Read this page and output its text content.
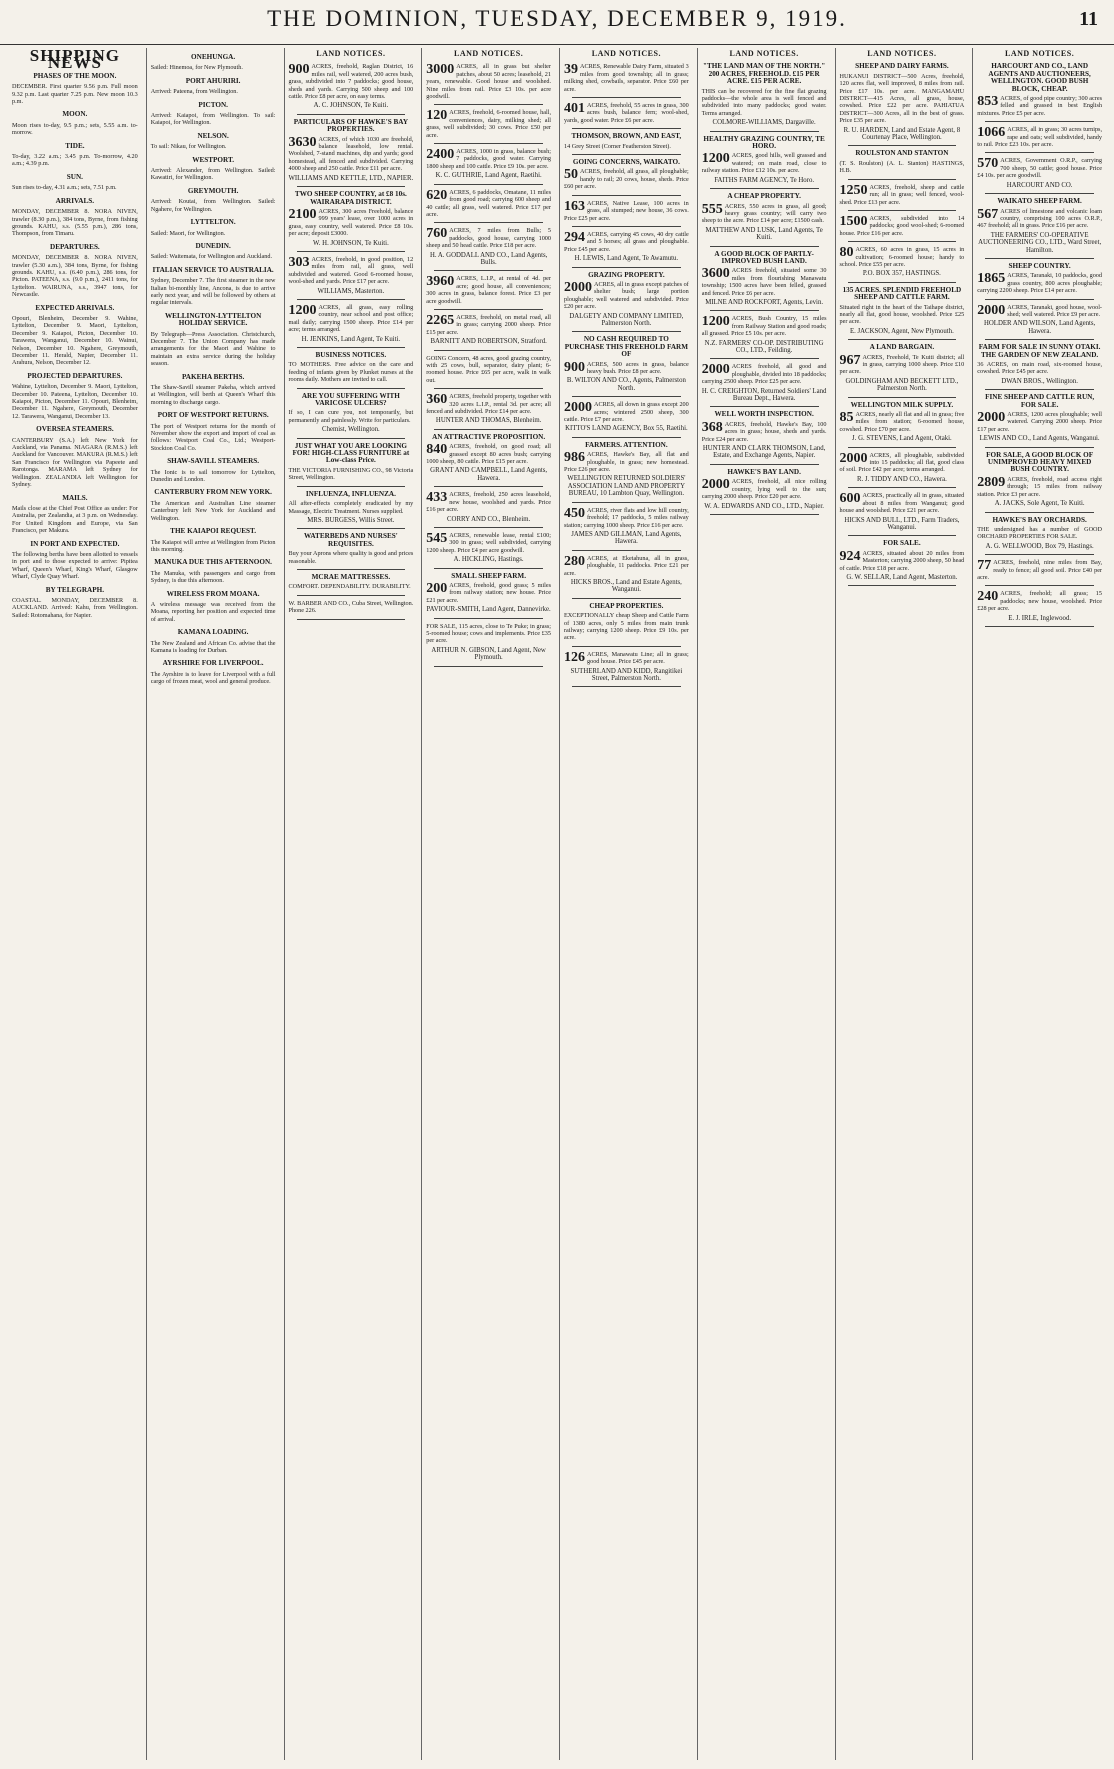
THE DOMINION, TUESDAY, DECEMBER 9, 1919.	11
SHIPPING NEWS
PHASES OF THE MOON.
DECEMBER. First quarter 9.56 p.m. Full moon 9.32 p.m. Last quarter 7.25 p.m. New moon 10.3 p.m.
MOON.
Moon rises to-day, 9.5 p.m.; sets, 5.55 a.m. to-morrow.
TIDE.
To-day, 3.22 a.m.; 3.45 p.m. To-morrow, 4.20 a.m.; 4.39 p.m.
SUN.
Sun rises to-day, 4.31 a.m.; sets, 7.51 p.m.
ARRIVALS.
MONDAY, DECEMBER 8. NORA NIVEN, trawler (8.30 p.m.), 384 tons, Byrne, from fishing grounds. KAHU, s.s. (5.55 p.m.), 286 tons, Thompson, from Timaru.
DEPARTURES.
MONDAY, DECEMBER 8. NORA NIVEN, trawler (5.30 a.m.), 384 tons, Byrne, for fishing grounds. KAHU, s.s. (6.40 p.m.), 286 tons, for Picton. PATEENA, s.s. (9.0 p.m.), 2411 tons, for Lyttelton. WAIRUNA, s.s., 3947 tons, for Newcastle.
EXPECTED ARRIVALS.
Opouri, Blenheim, December 9. Wahine, Lyttelton, December 9. Maori, Lyttelton, December 9. Kaiapoi, Picton, December 10. Tarawera, Wanganui, December 10. Wainui, Nelson, December 10. Ngahere, Greymouth, December 11. Herald, Napier, December 11. Arahura, Nelson, December 12.
PROJECTED DEPARTURES.
Wahine, Lyttelton, December 9. Maori, Lyttelton, December 10. Pateena, Lyttelton, December 10. Kaiapoi, Picton, December 11. Opouri, Blenheim, December 11. Ngahere, Greymouth, December 12. Tarawera, Wanganui, December 13.
OVERSEA STEAMERS.
CANTERBURY (S.A.) left New York for Auckland, via Panama. NIAGARA (R.M.S.) left Auckland for Vancouver. MAKURA (R.M.S.) left San Francisco for Wellington via Papeete and Rarotonga. MARAMA left Sydney for Wellington. ZEALANDIA left Wellington for Sydney.
MAILS.
Mails close at the Chief Post Office as under: For Australia, per Zealandia, at 3 p.m. on Wednesday. For United Kingdom and Europe, via San Francisco, per Makura.
IN PORT AND EXPECTED.
The following berths have been allotted to vessels in port and to those expected to arrive: Pipitea Wharf, Queen's Wharf, King's Wharf, Glasgow Wharf, Clyde Quay Wharf.
BY TELEGRAPH.
COASTAL. MONDAY, DECEMBER 8. AUCKLAND. Arrived: Kahu, from Wellington. Sailed: Rotomahana, for Napier.
ONEHUNGA.
Sailed: Hinemoa, for New Plymouth.
PORT AHURIRI.
Arrived: Pateena, from Wellington.
PICTON.
Arrived: Kaiapoi, from Wellington. To sail: Kaiapoi, for Wellington.
NELSON.
To sail: Nikau, for Wellington.
WESTPORT.
Arrived: Alexander, from Wellington. Sailed: Kawatiri, for Wellington.
GREYMOUTH.
Arrived: Koutai, from Wellington. Sailed: Ngahere, for Wellington.
LYTTELTON.
Sailed: Maori, for Wellington.
DUNEDIN.
Sailed: Waitemata, for Wellington and Auckland.
ITALIAN SERVICE TO AUSTRALIA.
Sydney, December 7. The first steamer in the new Italian bi-monthly line, Ancona, is due to arrive early next year, and will be followed by others at regular intervals.
WELLINGTON-LYTTELTON HOLIDAY SERVICE.
By Telegraph—Press Association. Christchurch, December 7. The Union Company has made arrangements for the Maori and Wahine to maintain an extra service during the holiday season.
PAKEHA BERTHS.
The Shaw-Savill steamer Pakeha, which arrived at Wellington, will berth at Queen's Wharf this morning to discharge cargo.
PORT OF WESTPORT RETURNS.
The port of Westport returns for the month of November show the export and import of coal as follows: Westport Coal Co., Ltd.; Westport-Stockton Coal Co.
SHAW-SAVILL STEAMERS.
The Ionic is to sail tomorrow for Lyttelton, Dunedin and London.
CANTERBURY FROM NEW YORK.
The American and Australian Line steamer Canterbury left New York for Auckland and Wellington.
THE KAIAPOI REQUEST.
The Kaiapoi will arrive at Wellington from Picton this morning.
MANUKA DUE THIS AFTERNOON.
The Manuka, with passengers and cargo from Sydney, is due this afternoon.
WIRELESS FROM MOANA.
A wireless message was received from the Moana, reporting her position and expected time of arrival.
KAMANA LOADING.
The New Zealand and African Co. advise that the Kamana is loading for Durban.
AYRSHIRE FOR LIVERPOOL.
The Ayrshire is to leave for Liverpool with a full cargo of frozen meat, wool and general produce.
LAND NOTICES.
900 ACRES, freehold, Raglan District, 16 miles rail, well watered, 200 acres bush, grass, subdivided into 7 paddocks; good house, sheds and yards. Carrying 500 sheep and 100 cattle. Price £8 per acre, on easy terms.
A. C. JOHNSON, Te Kuiti.
PARTICULARS OF HAWKE'S BAY PROPERTIES.
3630 ACRES, of which 1030 are freehold, balance leasehold, low rental. Woolshed, 7-stand machines, dip and yards; good homestead, all fenced and subdivided. Carrying 4000 sheep and 250 cattle. Price £11 per acre.
WILLIAMS AND KETTLE, LTD., NAPIER.
TWO SHEEP COUNTRY, at £8 10s. WAIRARAPA DISTRICT.
2100 ACRES, 300 acres Freehold, balance 999 years' lease, over 1000 acres in grass, easy country, well watered. Price £8 10s. per acre; deposit £3000.
W. H. JOHNSON, Te Kuiti.
303 ACRES, freehold, in good position, 12 miles from rail, all grass, well subdivided and watered. Good 6-roomed house, wool-shed and yards. Price £17 per acre.
WILLIAMS, Masterton.
1200 ACRES, all grass, easy rolling country, near school and post office; mail daily; carrying 1500 sheep. Price £14 per acre; terms arranged.
H. JENKINS, Land Agent, Te Kuiti.
BUSINESS NOTICES.
TO MOTHERS. Free advice on the care and feeding of infants given by Plunket nurses at the rooms daily. Mothers are invited to call.
ARE YOU SUFFERING WITH VARICOSE ULCERS?
If so, I can cure you, not temporarily, but permanently and painlessly. Write for particulars.
Chemist, Wellington.
JUST WHAT YOU ARE LOOKING FOR! HIGH-CLASS FURNITURE at Low-class Price.
THE VICTORIA FURNISHING CO., 98 Victoria Street, Wellington.
INFLUENZA, INFLUENZA.
All after-effects completely eradicated by my Massage, Electric Treatment. Nurses supplied.
MRS. BURGESS, Willis Street.
WATERBEDS AND NURSES' REQUISITES.
Buy your Aprons where quality is good and prices reasonable.
MCRAE MATTRESSES.
COMFORT. DEPENDABILITY. DURABILITY.
W. BARBER AND CO., Cuba Street, Wellington. Phone 226.
LAND NOTICES.
3000 ACRES, all in grass but shelter patches, about 50 acres; leasehold, 21 years, renewable. Good house and woolshed. Nine miles from rail. Price £3 10s. per acre goodwill.
120 ACRES, freehold, 6-roomed house, hall, conveniences, dairy, milking shed; all grass, well subdivided; 30 cows. Price £50 per acre.
2400 ACRES, 1000 in grass, balance bush; 7 paddocks, good water. Carrying 1800 sheep and 100 cattle. Price £9 10s. per acre.
K. C. GUTHRIE, Land Agent, Raetihi.
620 ACRES, 6 paddocks, Omatane, 11 miles from good road; carrying 600 sheep and 40 cattle; all grass, well watered. Price £17 per acre.
760 ACRES, 7 miles from Bulls; 5 paddocks, good house, carrying 1000 sheep and 50 head cattle. Price £18 per acre.
H. A. GODDALL AND CO., Land Agents, Bulls.
3960 ACRES, L.I.P., at rental of 4d. per acre; good house, all conveniences; 300 acres in grass, balance forest. Price £3 per acre goodwill.
2265 ACRES, freehold, on metal road, all in grass; carrying 2000 sheep. Price £15 per acre.
BARNITT AND ROBERTSON, Stratford.
GOING Concern, 48 acres, good grazing country, with 25 cows, bull, separator, dairy plant; 6-roomed house. Price £65 per acre, walk in walk out.
360 ACRES, freehold property, together with 320 acres L.I.P., rental 3d. per acre; all fenced and subdivided. Price £14 per acre.
HUNTER AND THOMAS, Blenheim.
AN ATTRACTIVE PROPOSITION.
840 ACRES, freehold, on good road; all grassed except 80 acres bush; carrying 1000 sheep, 80 cattle. Price £15 per acre.
GRANT AND CAMPBELL, Land Agents, Hawera.
433 ACRES, freehold, 250 acres leasehold, new house, woolshed and yards. Price £16 per acre.
CORRY AND CO., Blenheim.
545 ACRES, renewable lease, rental £100; 300 in grass; well subdivided, carrying 1200 sheep. Price £4 per acre goodwill.
A. HICKLING, Hastings.
SMALL SHEEP FARM.
200 ACRES, freehold, good grass; 5 miles from railway station; new house. Price £21 per acre.
PAVIOUR-SMITH, Land Agent, Dannevirke.
FOR SALE, 115 acres, close to Te Puke; in grass; 5-roomed house; cows and implements. Price £35 per acre.
ARTHUR N. GIBSON, Land Agent, New Plymouth.
LAND NOTICES.
39 ACRES, Renewable Dairy Farm, situated 3 miles from good township; all in grass; milking shed, cowbails, separator. Price £60 per acre.
401 ACRES, freehold, 55 acres in grass, 300 acres bush, balance fern; wool-shed, yards, good water. Price £6 per acre.
THOMSON, BROWN, AND EAST,
14 Grey Street (Corner Featherston Street).
GOING CONCERNS, WAIKATO.
50 ACRES, freehold, all grass, all ploughable; handy to rail; 20 cows, house, sheds. Price £60 per acre.
163 ACRES, Native Lease, 100 acres in grass, all stumped; new house, 36 cows. Price £25 per acre.
294 ACRES, carrying 45 cows, 40 dry cattle and 5 horses; all grass and ploughable. Price £45 per acre.
H. LEWIS, Land Agent, Te Awamutu.
GRAZING PROPERTY.
2000 ACRES, all in grass except patches of shelter bush; large portion ploughable; well watered and subdivided. Price £20 per acre.
DALGETY AND COMPANY LIMITED, Palmerston North.
NO CASH REQUIRED TO PURCHASE THIS FREEHOLD FARM OF
900 ACRES, 500 acres in grass, balance heavy bush. Price £8 per acre.
B. WILTON AND CO., Agents, Palmerston North.
2000 ACRES, all down in grass except 200 acres; wintered 2500 sheep, 300 cattle. Price £7 per acre.
KITTO'S LAND AGENCY, Box 55, Raetihi.
FARMERS. ATTENTION.
986 ACRES, Hawke's Bay, all flat and ploughable, in grass; new homestead. Price £26 per acre.
WELLINGTON RETURNED SOLDIERS' ASSOCIATION LAND AND PROPERTY BUREAU, 10 Lambton Quay, Wellington.
450 ACRES, river flats and low hill country, freehold; 17 paddocks, 5 miles railway station; carrying 1000 sheep. Price £16 per acre.
JAMES AND GILLMAN, Land Agents, Hawera.
280 ACRES, at Eketahuna, all in grass, ploughable, 11 paddocks. Price £21 per acre.
HICKS BROS., Land and Estate Agents, Wanganui.
CHEAP PROPERTIES.
EXCEPTIONALLY cheap Sheep and Cattle Farm of 1380 acres, only 5 miles from main trunk railway; carrying 1200 sheep. Price £9 10s. per acre.
126 ACRES, Manawatu Line; all in grass; good house. Price £45 per acre.
SUTHERLAND AND KIDD, Rangitikei Street, Palmerston North.
LAND NOTICES.
"THE LAND MAN OF THE NORTH." 200 ACRES, FREEHOLD. £15 PER ACRE. £15 PER ACRE.
THIS can be recovered for the fine flat grazing paddocks—the whole area is well fenced and subdivided into many paddocks; good water. Terms arranged.
COLMORE-WILLIAMS, Dargaville.
HEALTHY GRAZING COUNTRY, TE HORO.
1200 ACRES, good hills, well grassed and watered; on main road, close to railway station. Price £12 10s. per acre.
FAITHS FARM AGENCY, Te Horo.
A CHEAP PROPERTY.
555 ACRES, 550 acres in grass, all good; heavy grass country; will carry two sheep to the acre. Price £14 per acre; £1500 cash.
MATTHEW AND LUSK, Land Agents, Te Kuiti.
A GOOD BLOCK OF PARTLY-IMPROVED BUSH LAND.
3600 ACRES freehold, situated some 30 miles from flourishing Manawatu township; 1500 acres have been felled, grassed and fenced. Price £6 per acre.
MILNE AND ROCKFORT, Agents, Levin.
1200 ACRES, Bush Country, 15 miles from Railway Station and good roads; all grassed. Price £5 10s. per acre.
N.Z. FARMERS' CO-OP. DISTRIBUTING CO., LTD., Feilding.
2000 ACRES freehold, all good and ploughable, divided into 18 paddocks; carrying 2500 sheep. Price £25 per acre.
H. C. CREIGHTON, Returned Soldiers' Land Bureau Dept., Hawera.
WELL WORTH INSPECTION.
368 ACRES, freehold, Hawke's Bay, 100 acres in grass; house, sheds and yards. Price £24 per acre.
HUNTER AND CLARK THOMSON, Land, Estate, and Exchange Agents, Napier.
HAWKE'S BAY LAND.
2000 ACRES, freehold, all nice rolling country, lying well to the sun; carrying 2000 sheep. Price £20 per acre.
W. A. EDWARDS AND CO., LTD., Napier.
LAND NOTICES.
SHEEP AND DAIRY FARMS.
HUKANUI DISTRICT—500 Acres, freehold, 120 acres flat, well improved, 8 miles from rail. Price £17 10s. per acre. MANGAMAHU DISTRICT—415 Acres, all grass, house, cowshed. Price £22 per acre. PAHIATUA DISTRICT—300 Acres, all in the best of grass. Price £35 per acre.
R. U. HARDEN, Land and Estate Agent, 8 Courtenay Place, Wellington.
ROULSTON AND STANTON
(T. S. Roulston) (A. L. Stanton) HASTINGS, H.B.
1250 ACRES, freehold, sheep and cattle run; all in grass; well fenced, wool-shed. Price £13 per acre.
1500 ACRES, subdivided into 14 paddocks; good wool-shed; 6-roomed house. Price £16 per acre.
80 ACRES, 60 acres in grass, 15 acres in cultivation; 6-roomed house; handy to school. Price £55 per acre.
P.O. BOX 357, HASTINGS.
135 ACRES. SPLENDID FREEHOLD SHEEP AND CATTLE FARM.
Situated right in the heart of the Taihape district, nearly all flat, good house, woolshed. Price £25 per acre.
E. JACKSON, Agent, New Plymouth.
A LAND BARGAIN.
967 ACRES, Freehold, Te Kuiti district; all in grass, carrying 1000 sheep. Price £10 per acre.
GOLDINGHAM AND BECKETT LTD., Palmerston North.
WELLINGTON MILK SUPPLY.
85 ACRES, nearly all flat and all in grass; five miles from station; 6-roomed house, cowshed. Price £70 per acre.
J. G. STEVENS, Land Agent, Otaki.
2000 ACRES, all ploughable, subdivided into 15 paddocks; all flat, good class of soil. Price £42 per acre; terms arranged.
R. J. TIDDY AND CO., Hawera.
600 ACRES, practically all in grass, situated about 8 miles from Wanganui; good house and woolshed. Price £21 per acre.
HICKS AND BULL, LTD., Farm Traders, Wanganui.
FOR SALE.
924 ACRES, situated about 20 miles from Masterton; carrying 2000 sheep, 50 head of cattle. Price £18 per acre.
G. W. SELLAR, Land Agent, Masterton.
LAND NOTICES.
HARCOURT AND CO., LAND AGENTS AND AUCTIONEERS, WELLINGTON. GOOD BUSH BLOCK, CHEAP.
853 ACRES, of good pipe country; 300 acres felled and grassed in best English mixtures. Price £5 per acre.
1066 ACRES, all in grass; 30 acres turnips, rape and oats; well subdivided, handy to rail. Price £23 10s. per acre.
570 ACRES, Government O.R.P., carrying 700 sheep, 50 cattle; good house. Price £4 10s. per acre goodwill.
HARCOURT AND CO.
WAIKATO SHEEP FARM.
567 ACRES of limestone and volcanic loam country, comprising 100 acres O.R.P., 467 freehold; all in grass. Price £16 per acre.
THE FARMERS' CO-OPERATIVE AUCTIONEERING CO., LTD., Ward Street, Hamilton.
SHEEP COUNTRY.
1865 ACRES, Taranaki, 10 paddocks, good grass country, 800 acres ploughable; carrying 2200 sheep. Price £14 per acre.
2000 ACRES, Taranaki, good house, wool-shed; well watered. Price £9 per acre.
HOLDER AND WILSON, Land Agents, Hawera.
FARM FOR SALE IN SUNNY OTAKI. THE GARDEN OF NEW ZEALAND.
36 ACRES, on main road, six-roomed house, cowshed. Price £45 per acre.
DWAN BROS., Wellington.
FINE SHEEP AND CATTLE RUN, FOR SALE.
2000 ACRES, 1200 acres ploughable; well watered. Carrying 2000 sheep. Price £17 per acre.
LEWIS AND CO., Land Agents, Wanganui.
FOR SALE, A GOOD BLOCK OF UNIMPROVED HEAVY MIXED BUSH COUNTRY.
2809 ACRES, freehold, road access right through; 15 miles from railway station. Price £3 per acre.
A. JACKS, Sole Agent, Te Kuiti.
HAWKE'S BAY ORCHARDS.
THE undersigned has a number of GOOD ORCHARD PROPERTIES FOR SALE.
A. G. WELLWOOD, Box 79, Hastings.
77 ACRES, freehold, nine miles from Bay, ready to fence; all good soil. Price £40 per acre.
240 ACRES, freehold; all grass; 15 paddocks; new house, woolshed. Price £28 per acre.
E. J. IRLE, Inglewood.
